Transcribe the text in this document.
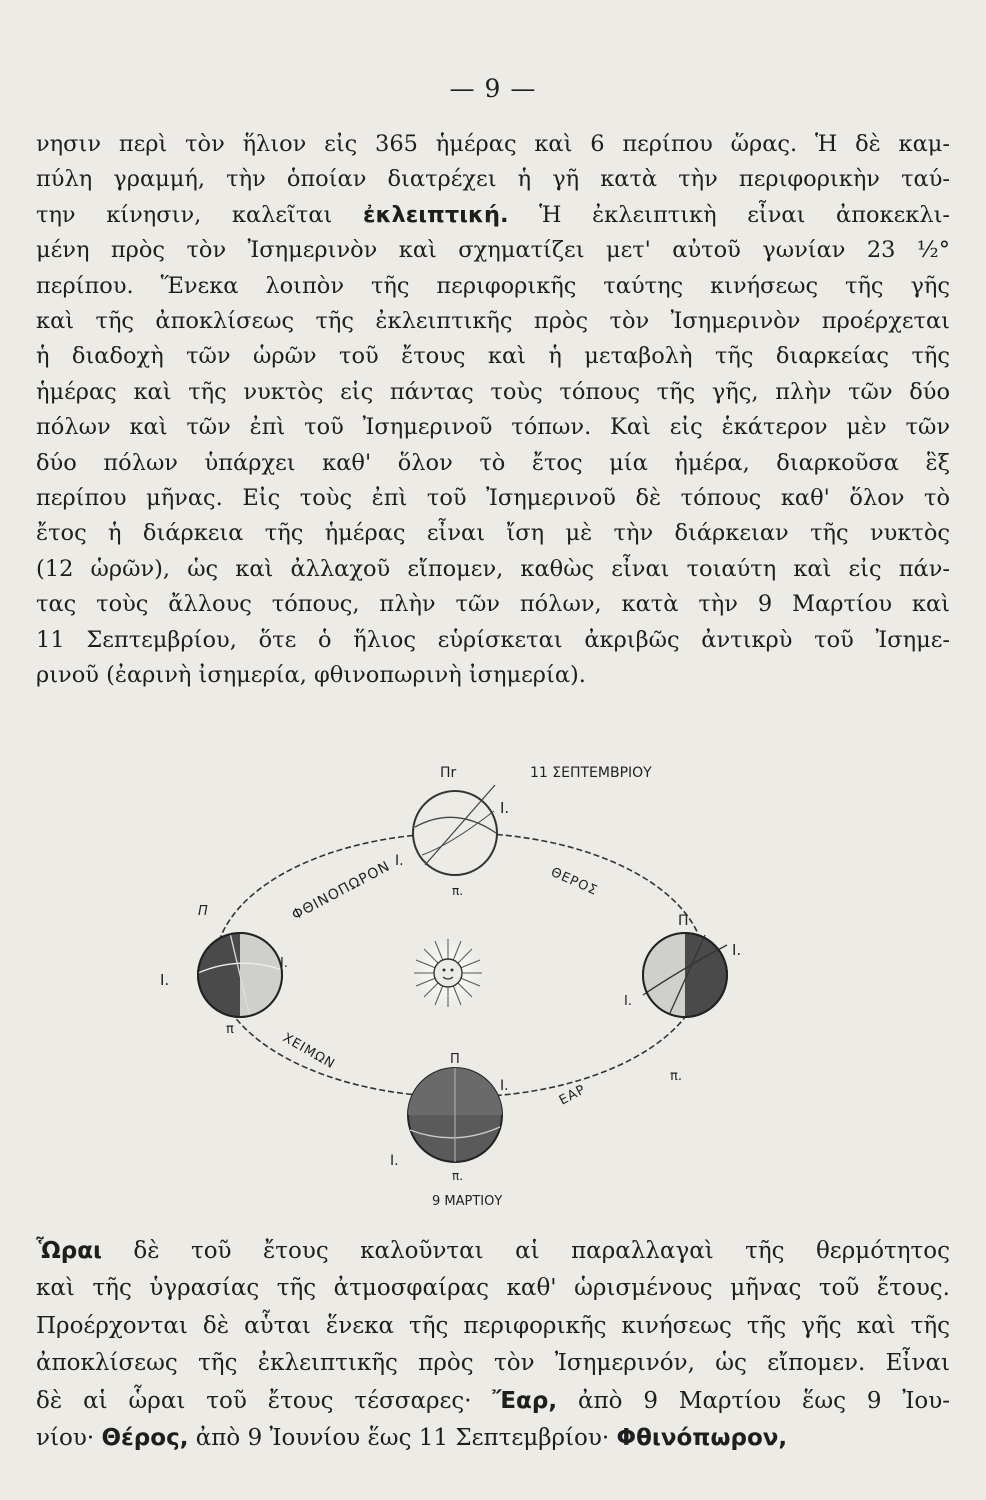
— 9 —

νησιν περὶ τὸν ἥλιον εἰς 365 ἡμέρας καὶ 6 περίπου ὥρας. Ἡ δὲ καμ-
πύλη γραμμή, τὴν ὁποίαν διατρέχει ἡ γῆ κατὰ τὴν περιφορικὴν ταύ-
την κίνησιν, καλεῖται ἐκλειπτική. Ἡ ἐκλειπτικὴ εἶναι ἀποκεκλι-
μένη πρὸς τὸν Ἰσημερινὸν καὶ σχηματίζει μετ' αὐτοῦ γωνίαν 23 ½°
περίπου. Ἕνεκα λοιπὸν τῆς περιφορικῆς ταύτης κινήσεως τῆς γῆς
καὶ τῆς ἀποκλίσεως τῆς ἐκλειπτικῆς πρὸς τὸν Ἰσημερινὸν προέρχεται
ἡ διαδοχὴ τῶν ὡρῶν τοῦ ἔτους καὶ ἡ μεταβολὴ τῆς διαρκείας τῆς
ἡμέρας καὶ τῆς νυκτὸς εἰς πάντας τοὺς τόπους τῆς γῆς, πλὴν τῶν δύο
πόλων καὶ τῶν ἐπὶ τοῦ Ἰσημερινοῦ τόπων. Καὶ εἰς ἑκάτερον μὲν τῶν
δύο πόλων ὑπάρχει καθ' ὅλον τὸ ἔτος μία ἡμέρα, διαρκοῦσα ἓξ
περίπου μῆνας. Εἰς τοὺς ἐπὶ τοῦ Ἰσημερινοῦ δὲ τόπους καθ' ὅλον τὸ
ἔτος ἡ διάρκεια τῆς ἡμέρας εἶναι ἴση μὲ τὴν διάρκειαν τῆς νυκτὸς
(12 ὡρῶν), ὡς καὶ ἀλλαχοῦ εἴπομεν, καθὼς εἶναι τοιαύτη καὶ εἰς πάν-
τας τοὺς ἄλλους τόπους, πλὴν τῶν πόλων, κατὰ τὴν 9 Μαρτίου καὶ
11 Σεπτεμβρίου, ὅτε ὁ ἥλιος εὑρίσκεται ἀκριβῶς ἀντικρὺ τοῦ Ἰσημε-
ρινοῦ (ἐαρινὴ ἰσημερία, φθινοπωρινὴ ἰσημερία).

Πr	11 ΣΕΠΤΕΜΒΡΙΟΥ
9 ΜΑΡΤΙΟΥ
Ι.
Ι.
π.
ΦΘΙΝΟΠΩΡΟΝ	ΘΕΡΟΣ
ΧΕΙΜΩΝ
ΕΑΡ
Π
Ι.
Ι.
π
Π
Ι.
Ι.
π.
Π
Ι.
Ι.
π.

Ὧραι δὲ τοῦ ἔτους καλοῦνται αἱ παραλλαγαὶ τῆς θερμότητος
καὶ τῆς ὑγρασίας τῆς ἀτμοσφαίρας καθ' ὡρισμένους μῆνας τοῦ ἔτους.
Προέρχονται δὲ αὗται ἕνεκα τῆς περιφορικῆς κινήσεως τῆς γῆς καὶ τῆς
ἀποκλίσεως τῆς ἐκλειπτικῆς πρὸς τὸν Ἰσημερινόν, ὡς εἴπομεν. Εἶναι
δὲ αἱ ὧραι τοῦ ἔτους τέσσαρες· Ἔαρ, ἀπὸ 9 Μαρτίου ἕως 9 Ἰου-
νίου· Θέρος, ἀπὸ 9 Ἰουνίου ἕως 11 Σεπτεμβρίου· Φθινόπωρον,
